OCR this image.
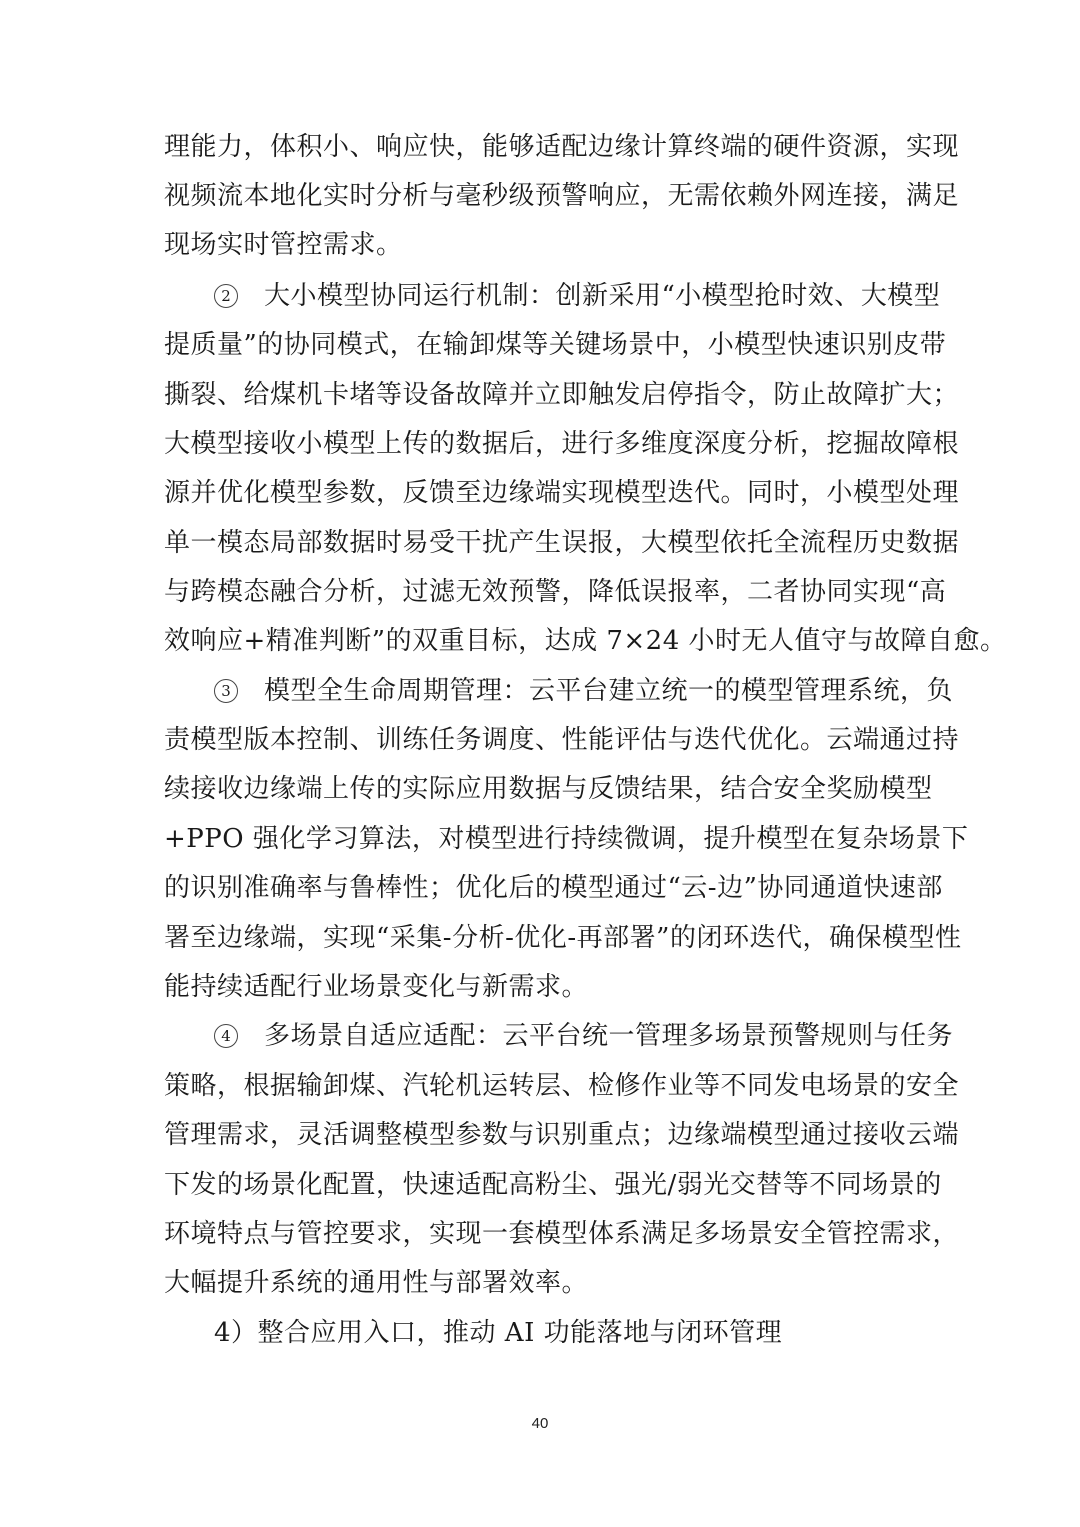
理能力，体积小、响应快，能够适配边缘计算终端的硬件资源，实现
视频流本地化实时分析与毫秒级预警响应，无需依赖外网连接，满足
现场实时管控需求。
2 大小模型协同运行机制：创新采用“小模型抢时效、大模型
提质量”的协同模式，在输卸煤等关键场景中，小模型快速识别皮带
撕裂、给煤机卡堵等设备故障并立即触发启停指令，防止故障扩大；
大模型接收小模型上传的数据后，进行多维度深度分析，挖掘故障根
源并优化模型参数，反馈至边缘端实现模型迭代。同时，小模型处理
单一模态局部数据时易受干扰产生误报，大模型依托全流程历史数据
与跨模态融合分析，过滤无效预警，降低误报率，二者协同实现“高
效响应+精准判断”的双重目标，达成 7×24 小时无人值守与故障自愈。
3 模型全生命周期管理：云平台建立统一的模型管理系统，负
责模型版本控制、训练任务调度、性能评估与迭代优化。云端通过持
续接收边缘端上传的实际应用数据与反馈结果，结合安全奖励模型
+PPO 强化学习算法，对模型进行持续微调，提升模型在复杂场景下
的识别准确率与鲁棒性；优化后的模型通过“云-边”协同通道快速部
署至边缘端，实现“采集-分析-优化-再部署”的闭环迭代，确保模型性
能持续适配行业场景变化与新需求。
4 多场景自适应适配：云平台统一管理多场景预警规则与任务
策略，根据输卸煤、汽轮机运转层、检修作业等不同发电场景的安全
管理需求，灵活调整模型参数与识别重点；边缘端模型通过接收云端
下发的场景化配置，快速适配高粉尘、强光/弱光交替等不同场景的
环境特点与管控要求，实现一套模型体系满足多场景安全管控需求，
大幅提升系统的通用性与部署效率。
4）整合应用入口，推动 AI 功能落地与闭环管理
40
